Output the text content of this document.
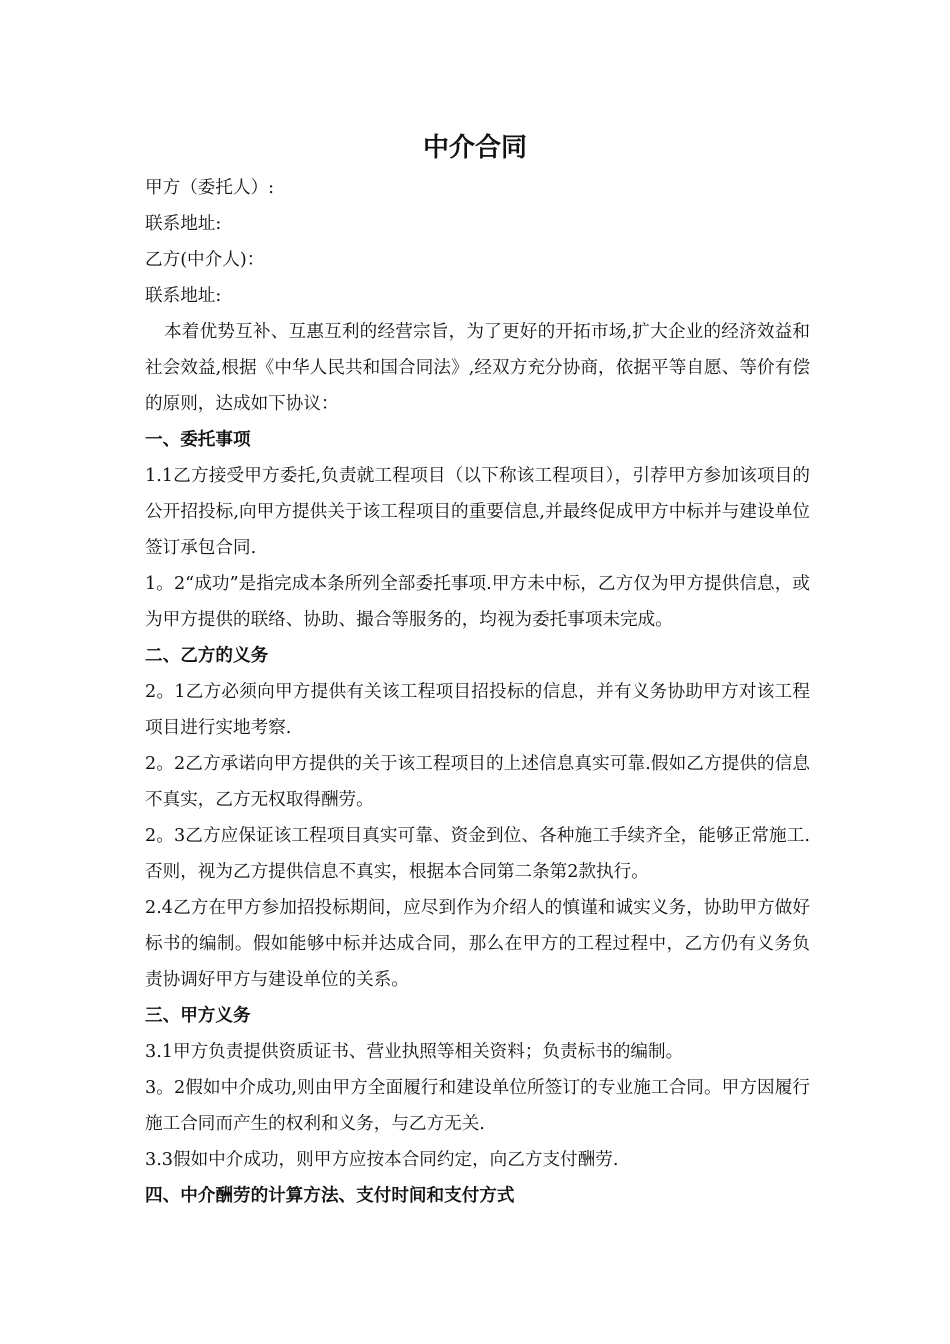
中介合同

甲方（委托人）:

联系地址:

乙方(中介人)：

联系地址:

本着优势互补、互惠互利的经营宗旨，为了更好的开拓市场,扩大企业的经济效益和社会效益,根据《中华人民共和国合同法》,经双方充分协商，依据平等自愿、等价有偿的原则，达成如下协议：

一、委托事项

1.1乙方接受甲方委托,负责就工程项目（以下称该工程项目），引荐甲方参加该项目的公开招投标,向甲方提供关于该工程项目的重要信息,并最终促成甲方中标并与建设单位签订承包合同.

1。2“成功”是指完成本条所列全部委托事项.甲方未中标，乙方仅为甲方提供信息，或为甲方提供的联络、协助、撮合等服务的，均视为委托事项未完成。

二、乙方的义务

2。1乙方必须向甲方提供有关该工程项目招投标的信息，并有义务协助甲方对该工程项目进行实地考察.

2。2乙方承诺向甲方提供的关于该工程项目的上述信息真实可靠.假如乙方提供的信息不真实，乙方无权取得酬劳。

2。3乙方应保证该工程项目真实可靠、资金到位、各种施工手续齐全，能够正常施工.否则，视为乙方提供信息不真实，根据本合同第二条第2款执行。

2.4乙方在甲方参加招投标期间，应尽到作为介绍人的慎谨和诚实义务，协助甲方做好标书的编制。假如能够中标并达成合同，那么在甲方的工程过程中，乙方仍有义务负责协调好甲方与建设单位的关系。

三、甲方义务

3.1甲方负责提供资质证书、营业执照等相关资料；负责标书的编制。

3。2假如中介成功,则由甲方全面履行和建设单位所签订的专业施工合同。甲方因履行施工合同而产生的权利和义务，与乙方无关.

3.3假如中介成功，则甲方应按本合同约定，向乙方支付酬劳.

四、中介酬劳的计算方法、支付时间和支付方式
